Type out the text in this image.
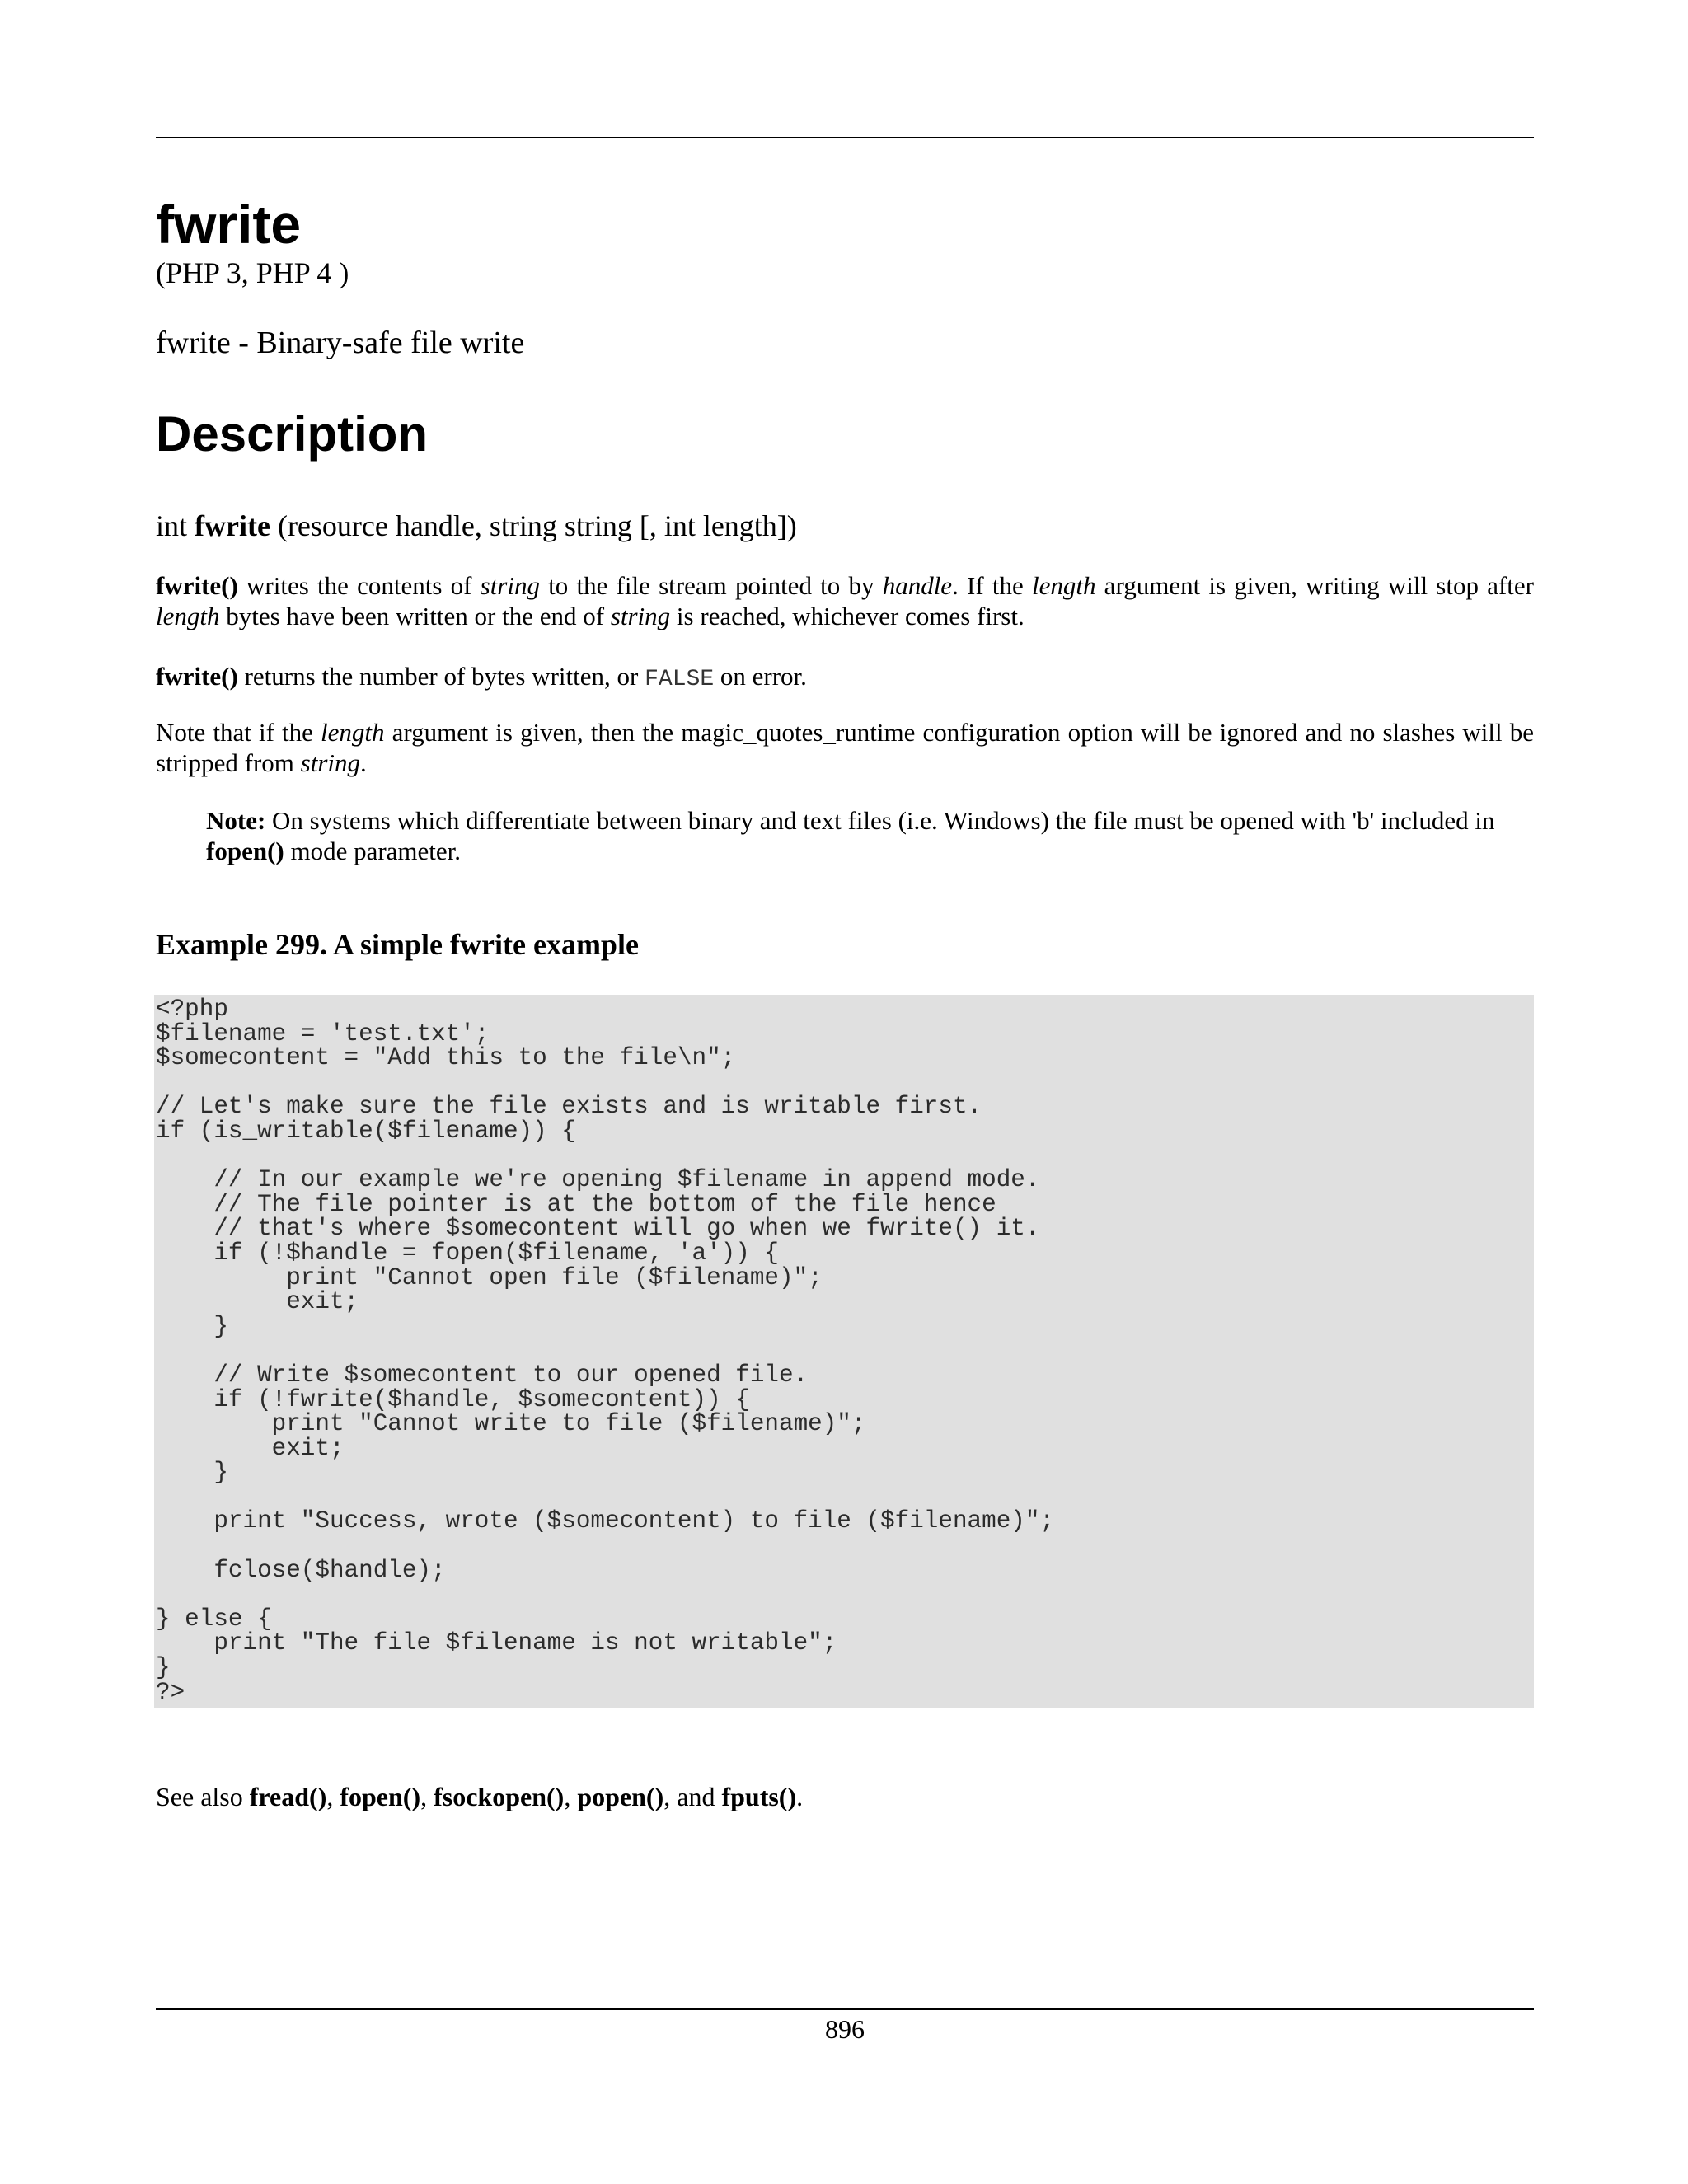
fwrite
(PHP 3, PHP 4 )
fwrite - Binary-safe file write
Description
int fwrite (resource handle, string string [, int length])

fwrite() writes the contents of string to the file stream pointed to by handle. If the length argument is given, writing will stop after length bytes have been written or the end of string is reached, whichever comes first.

fwrite() returns the number of bytes written, or FALSE on error.

Note that if the length argument is given, then the magic_quotes_runtime configuration option will be ignored and no slashes will be stripped from string.

Note: On systems which differentiate between binary and text files (i.e. Windows) the file must be opened with 'b' included in fopen() mode parameter.

Example 299. A simple fwrite example

<?php
$filename = 'test.txt';
$somecontent = "Add this to the file\n";

// Let's make sure the file exists and is writable first.
if (is_writable($filename)) {

// In our example we're opening $filename in append mode.
// The file pointer is at the bottom of the file hence
// that's where $somecontent will go when we fwrite() it.
if (!$handle = fopen($filename, 'a')) {
print "Cannot open file ($filename)";
exit;
}

// Write $somecontent to our opened file.
if (!fwrite($handle, $somecontent)) {
print "Cannot write to file ($filename)";
exit;
}

print "Success, wrote ($somecontent) to file ($filename)";

fclose($handle);

} else {
print "The file $filename is not writable";
}
?>

See also fread(), fopen(), fsockopen(), popen(), and fputs().

896
